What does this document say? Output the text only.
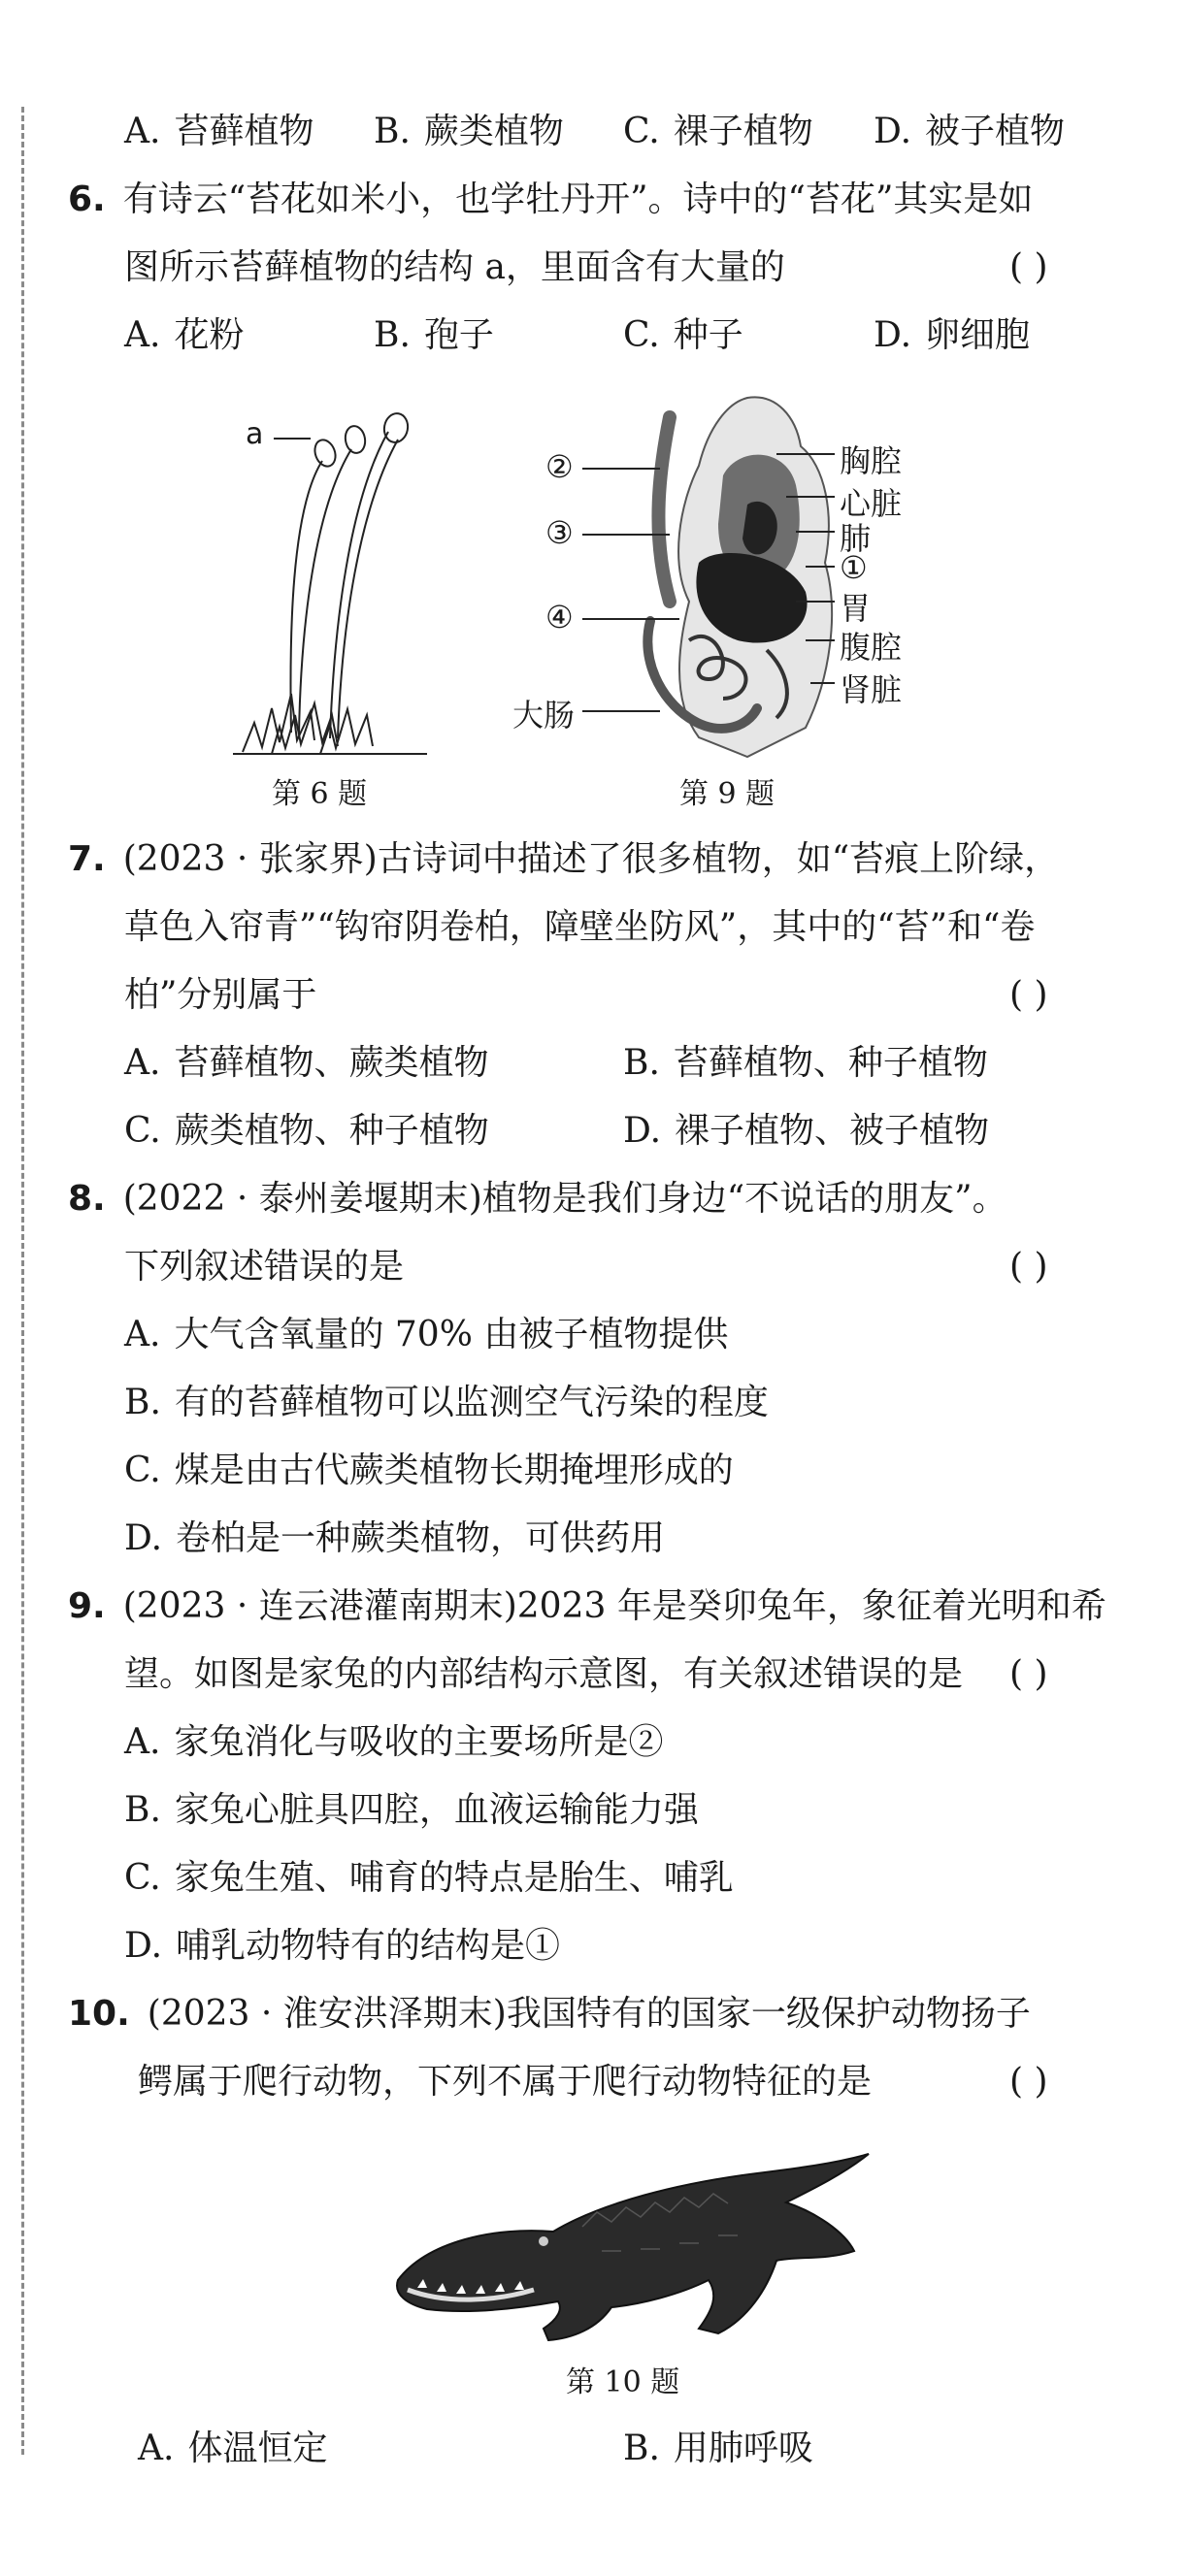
A. 苔藓植物 B. 蕨类植物 C. 裸子植物 D. 被子植物
6. 有诗云“苔花如米小，也学牡丹开”。诗中的“苔花”其实是如
图所示苔藓植物的结构 a，里面含有大量的	( )
A. 花粉	B. 孢子	C. 种子	D. 卵细胞
a
第 6 题
②
③
④
大肠
胸腔
心脏
肺
①
胃
腹腔
肾脏
第 9 题
7. (2023 · 张家界)古诗词中描述了很多植物，如“苔痕上阶绿，
草色入帘青”“钩帘阴卷柏，障壁坐防风”，其中的“苔”和“卷
柏”分别属于	( )
A. 苔藓植物、蕨类植物	B. 苔藓植物、种子植物
C. 蕨类植物、种子植物	D. 裸子植物、被子植物
8. (2022 · 泰州姜堰期末)植物是我们身边“不说话的朋友”。
下列叙述错误的是	( )
A. 大气含氧量的 70% 由被子植物提供
B. 有的苔藓植物可以监测空气污染的程度
C. 煤是由古代蕨类植物长期掩埋形成的
D. 卷柏是一种蕨类植物，可供药用
9. (2023 · 连云港灌南期末)2023 年是癸卯兔年，象征着光明和希
望。如图是家兔的内部结构示意图，有关叙述错误的是 ( )
A. 家兔消化与吸收的主要场所是②
B. 家兔心脏具四腔，血液运输能力强
C. 家兔生殖、哺育的特点是胎生、哺乳
D. 哺乳动物特有的结构是①
10. (2023 · 淮安洪泽期末)我国特有的国家一级保护动物扬子
鳄属于爬行动物，下列不属于爬行动物特征的是	( )
第 10 题
A. 体温恒定	B. 用肺呼吸
